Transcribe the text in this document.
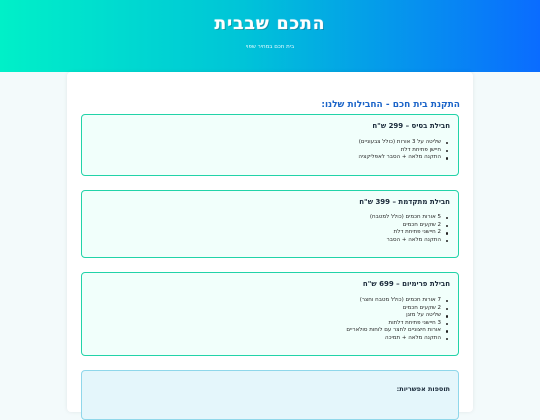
התכם שבבית
בית חכם במחיר שפוי
התקנת בית חכם - החבילות שלנו:
חבילת בסיס – 299 ש"ח
שליטה על 3 אורות (כולל צבעוניים)
חיישן פתיחת דלת
התקנה מלאה + הסבר לאפליקציה
חבילת מתקדמת – 399 ש"ח
5 אורות חכמים (כולל למטבח)
2 שקעים חכמים
2 חיישני פתיחת דלת
התקנה מלאה + הסבר
חבילת פרימיום – 699 ש"ח
7 אורות חכמים (כולל מטבח וחצר)
2 שקעים חכמים
שליטה על מזגן
3 חיישני פתיחת דלתות
אורות חיצוניים לחצר עם לוחות סולאריים
התקנה מלאה + תמיכה
תוספות אפשריות:
